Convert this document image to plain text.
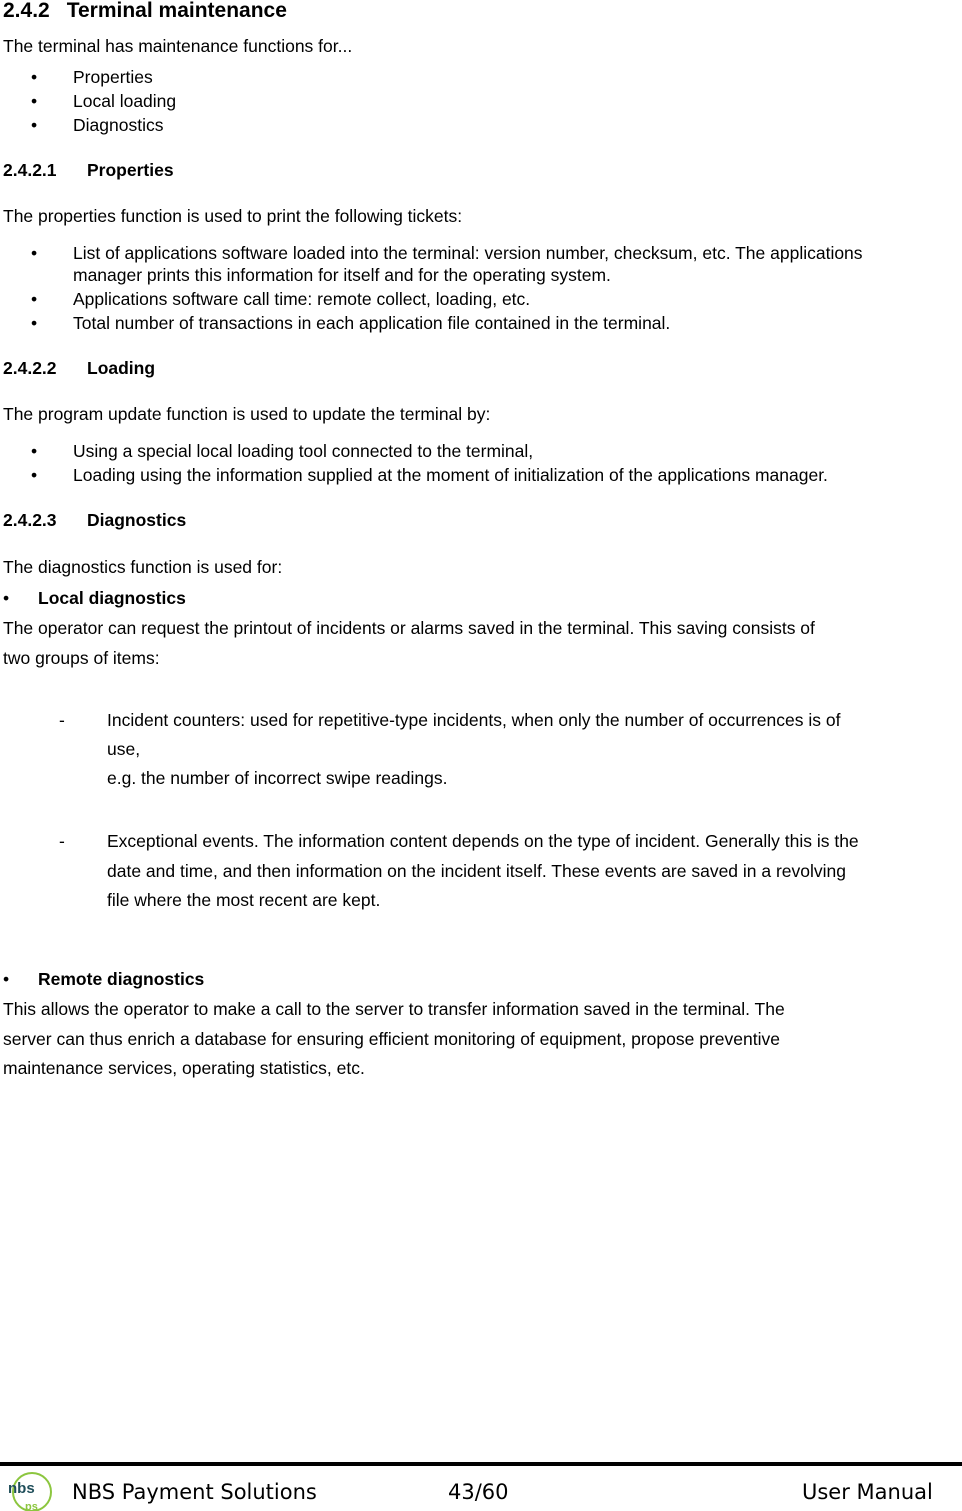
2.4.2 Terminal maintenance
The terminal has maintenance functions for...
• Properties
• Local loading
• Diagnostics
2.4.2.1 Properties
The properties function is used to print the following tickets:
• List of applications software loaded into the terminal: version number, checksum, etc. The applications
manager prints this information for itself and for the operating system.
• Applications software call time: remote collect, loading, etc.
• Total number of transactions in each application file contained in the terminal.
2.4.2.2 Loading
The program update function is used to update the terminal by:
• Using a special local loading tool connected to the terminal,
• Loading using the information supplied at the moment of initialization of the applications manager.
2.4.2.3 Diagnostics
The diagnostics function is used for:
• Local diagnostics
The operator can request the printout of incidents or alarms saved in the terminal. This saving consists of
two groups of items:
- Incident counters: used for repetitive-type incidents, when only the number of occurrences is of
use,
e.g. the number of incorrect swipe readings.
- Exceptional events. The information content depends on the type of incident. Generally this is the
date and time, and then information on the incident itself. These events are saved in a revolving
file where the most recent are kept.
• Remote diagnostics
This allows the operator to make a call to the server to transfer information saved in the terminal. The
server can thus enrich a database for ensuring efficient monitoring of equipment, propose preventive
maintenance services, operating statistics, etc.
nbs
ps
NBS Payment Solutions	43/60	User Manual
